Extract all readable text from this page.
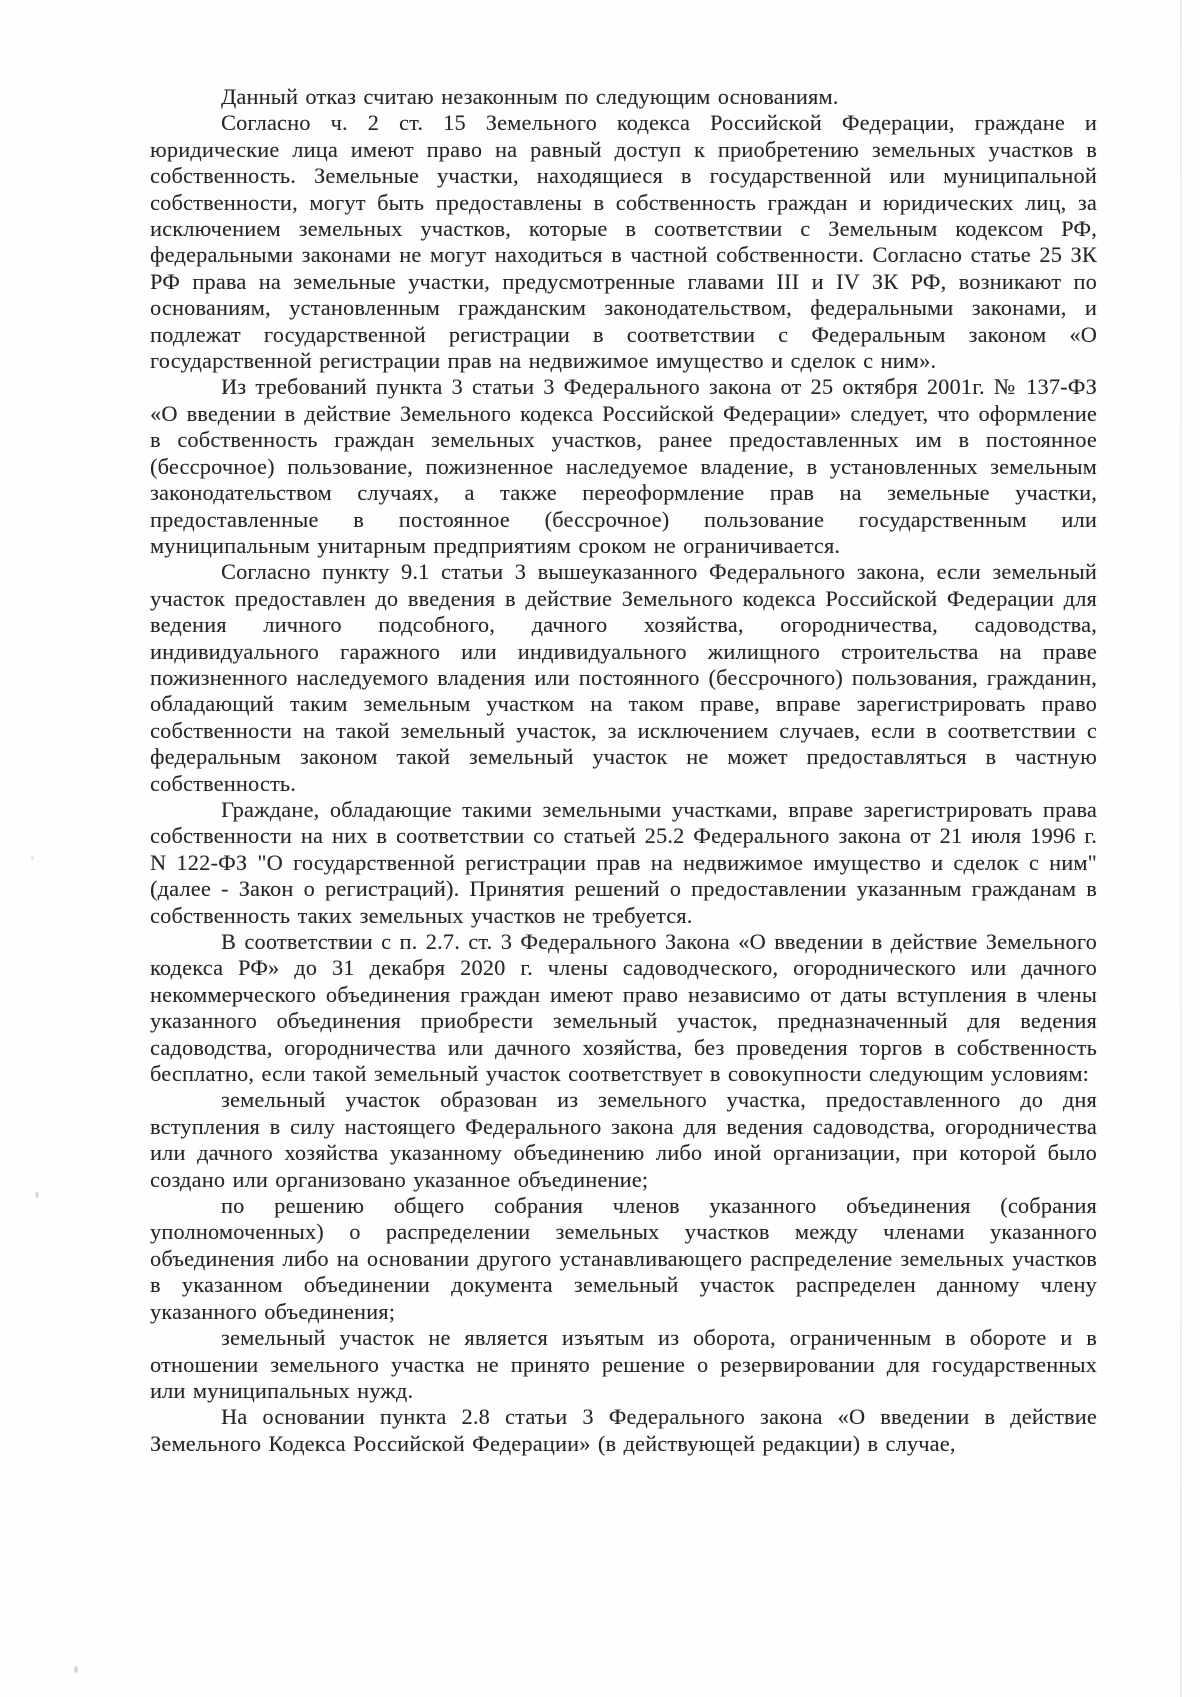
Данный отказ считаю незаконным по следующим основаниям.

Согласно ч. 2 ст. 15 Земельного кодекса Российской Федерации, граждане и юридические лица имеют право на равный доступ к приобретению земельных участков в собственность. Земельные участки, находящиеся в государственной или муниципальной собственности, могут быть предоставлены в собственность граждан и юридических лиц, за исключением земельных участков, которые в соответствии с Земельным кодексом РФ, федеральными законами не могут находиться в частной собственности. Согласно статье 25 ЗК РФ права на земельные участки, предусмотренные главами III и IV ЗК РФ, возникают по основаниям, установленным гражданским законодательством, федеральными законами, и подлежат государственной регистрации в соответствии с Федеральным законом «О государственной регистрации прав на недвижимое имущество и сделок с ним».

Из требований пункта 3 статьи 3 Федерального закона от 25 октября 2001г. № 137-ФЗ «О введении в действие Земельного кодекса Российской Федерации» следует, что оформление в собственность граждан земельных участков, ранее предоставленных им в постоянное (бессрочное) пользование, пожизненное наследуемое владение, в установленных земельным законодательством случаях, а также переоформление прав на земельные участки, предоставленные в постоянное (бессрочное) пользование государственным или муниципальным унитарным предприятиям сроком не ограничивается.

Согласно пункту 9.1 статьи 3 вышеуказанного Федерального закона, если земельный участок предоставлен до введения в действие Земельного кодекса Российской Федерации для ведения личного подсобного, дачного хозяйства, огородничества, садоводства, индивидуального гаражного или индивидуального жилищного строительства на праве пожизненного наследуемого владения или постоянного (бессрочного) пользования, гражданин, обладающий таким земельным участком на таком праве, вправе зарегистрировать право собственности на такой земельный участок, за исключением случаев, если в соответствии с федеральным законом такой земельный участок не может предоставляться в частную собственность.

Граждане, обладающие такими земельными участками, вправе зарегистрировать права собственности на них в соответствии со статьей 25.2 Федерального закона от 21 июля 1996 г. N 122-ФЗ "О государственной регистрации прав на недвижимое имущество и сделок с ним" (далее - Закон о регистраций). Принятия решений о предоставлении указанным гражданам в собственность таких земельных участков не требуется.

В соответствии с п. 2.7. ст. 3 Федерального Закона «О введении в действие Земельного кодекса РФ» до 31 декабря 2020 г. члены садоводческого, огороднического или дачного некоммерческого объединения граждан имеют право независимо от даты вступления в члены указанного объединения приобрести земельный участок, предназначенный для ведения садоводства, огородничества или дачного хозяйства, без проведения торгов в собственность бесплатно, если такой земельный участок соответствует в совокупности следующим условиям:

земельный участок образован из земельного участка, предоставленного до дня вступления в силу настоящего Федерального закона для ведения садоводства, огородничества или дачного хозяйства указанному объединению либо иной организации, при которой было создано или организовано указанное объединение;

по решению общего собрания членов указанного объединения (собрания уполномоченных) о распределении земельных участков между членами указанного объединения либо на основании другого устанавливающего распределение земельных участков в указанном объединении документа земельный участок распределен данному члену указанного объединения;

земельный участок не является изъятым из оборота, ограниченным в обороте и в отношении земельного участка не принято решение о резервировании для государственных или муниципальных нужд.

На основании пункта 2.8 статьи 3 Федерального закона «О введении в действие Земельного Кодекса Российской Федерации» (в действующей редакции) в случае,
